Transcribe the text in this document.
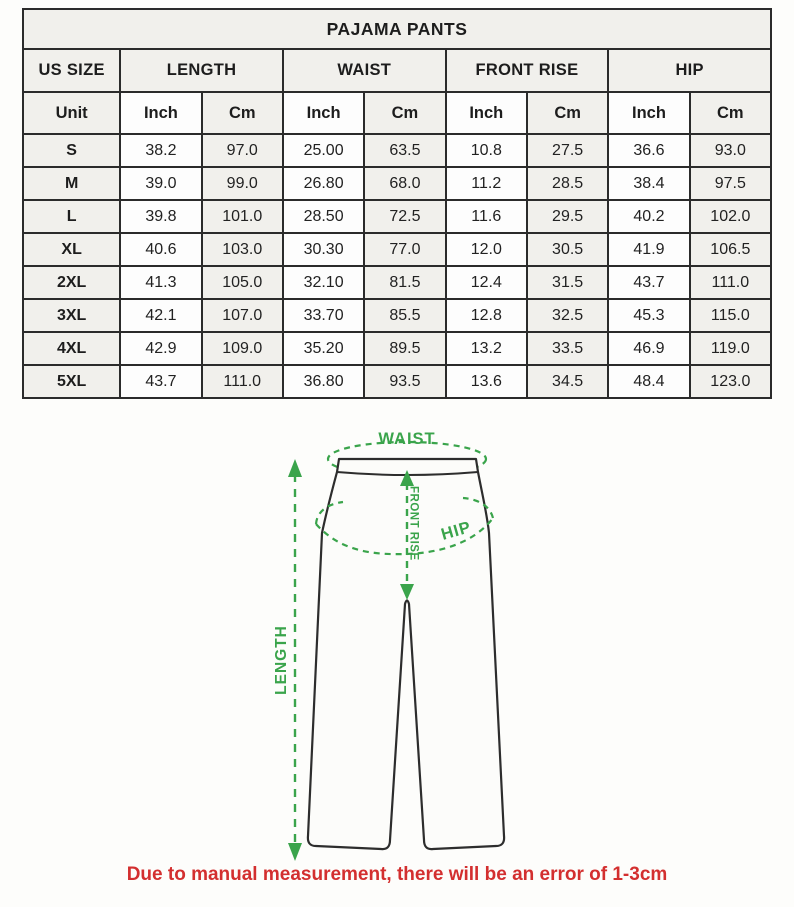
PAJAMA PANTS								
US SIZE	LENGTH		WAIST		FRONT RISE		HIP	
Unit	Inch	Cm	Inch	Cm	Inch	Cm	Inch	Cm
S	38.2	97.0	25.00	63.5	10.8	27.5	36.6	93.0
M	39.0	99.0	26.80	68.0	11.2	28.5	38.4	97.5
L	39.8	101.0	28.50	72.5	11.6	29.5	40.2	102.0
XL	40.6	103.0	30.30	77.0	12.0	30.5	41.9	106.5
2XL	41.3	105.0	32.10	81.5	12.4	31.5	43.7	111.0
3XL	42.1	107.0	33.70	85.5	12.8	32.5	45.3	115.0
4XL	42.9	109.0	35.20	89.5	13.2	33.5	46.9	119.0
5XL	43.7	111.0	36.80	93.5	13.6	34.5	48.4	123.0
WAIST
FRONT RISE HIP
LENGTH
Due to manual measurement, there will be an error of 1-3cm
